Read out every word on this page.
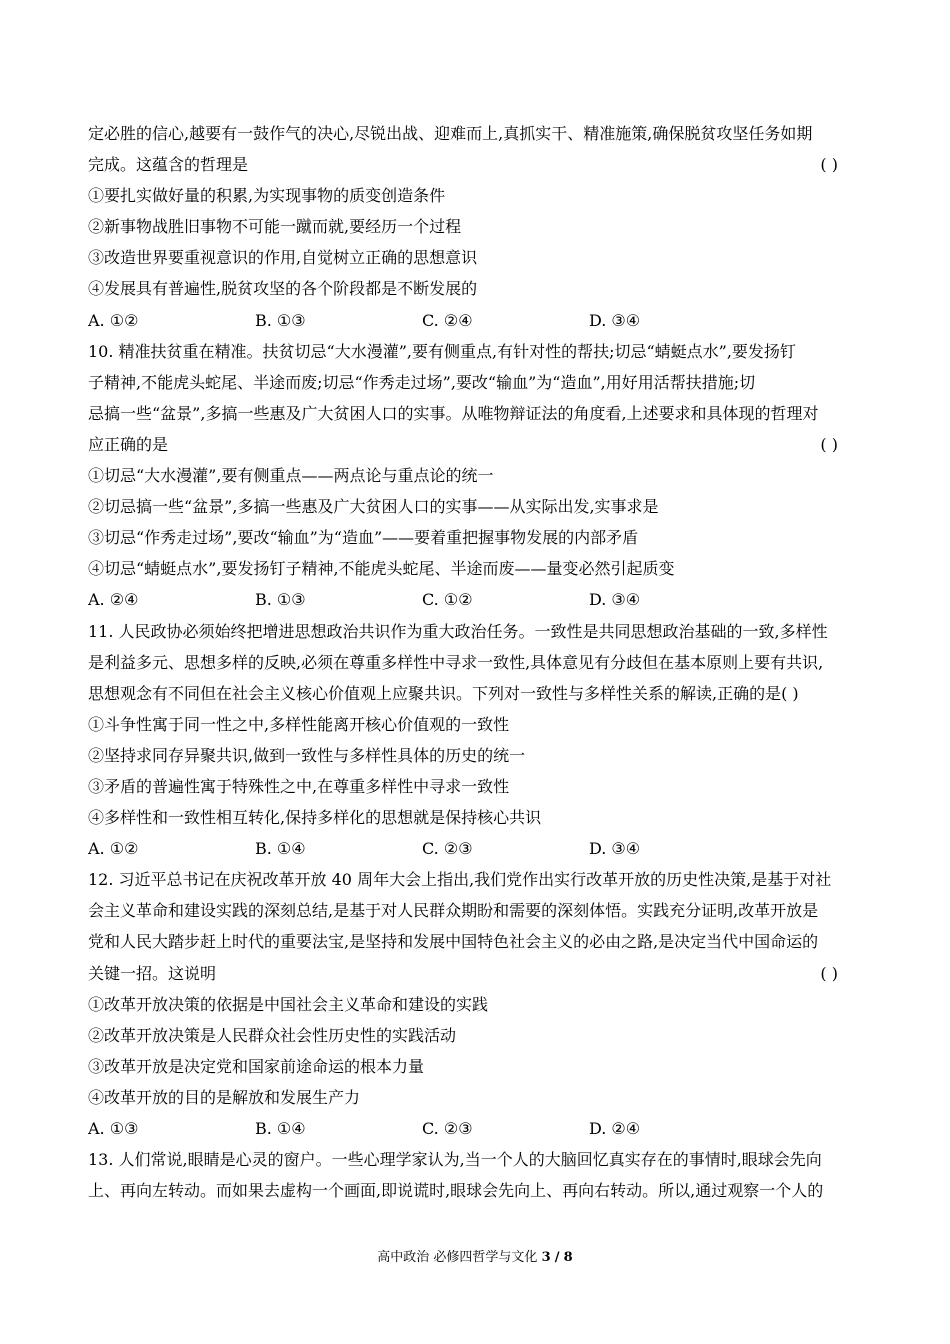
定必胜的信心,越要有一鼓作气的决心,尽锐出战、迎难而上,真抓实干、精准施策,确保脱贫攻坚任务如期
完成。这蕴含的哲理是	( )
①要扎实做好量的积累,为实现事物的质变创造条件
②新事物战胜旧事物不可能一蹴而就,要经历一个过程
③改造世界要重视意识的作用,自觉树立正确的思想意识
④发展具有普遍性,脱贫攻坚的各个阶段都是不断发展的
A. ①②	B. ①③	C. ②④	D. ③④
10. 精准扶贫重在精准。扶贫切忌“大水漫灌”,要有侧重点,有针对性的帮扶;切忌“蜻蜓点水”,要发扬钉
子精神,不能虎头蛇尾、半途而废;切忌“作秀走过场”,要改“输血”为“造血”,用好用活帮扶措施;切
忌搞一些“盆景”,多搞一些惠及广大贫困人口的实事。从唯物辩证法的角度看,上述要求和具体现的哲理对
应正确的是	( )
①切忌“大水漫灌”,要有侧重点——两点论与重点论的统一
②切忌搞一些“盆景”,多搞一些惠及广大贫困人口的实事——从实际出发,实事求是
③切忌“作秀走过场”,要改“输血”为“造血”——要着重把握事物发展的内部矛盾
④切忌“蜻蜓点水”,要发扬钉子精神,不能虎头蛇尾、半途而废——量变必然引起质变
A. ②④	B. ①③	C. ①②	D. ③④
11. 人民政协必须始终把增进思想政治共识作为重大政治任务。一致性是共同思想政治基础的一致,多样性
是利益多元、思想多样的反映,必须在尊重多样性中寻求一致性,具体意见有分歧但在基本原则上要有共识,
思想观念有不同但在社会主义核心价值观上应聚共识。下列对一致性与多样性关系的解读,正确的是( )
①斗争性寓于同一性之中,多样性能离开核心价值观的一致性
②坚持求同存异聚共识,做到一致性与多样性具体的历史的统一
③矛盾的普遍性寓于特殊性之中,在尊重多样性中寻求一致性
④多样性和一致性相互转化,保持多样化的思想就是保持核心共识
A. ①②	B. ①④	C. ②③	D. ③④
12. 习近平总书记在庆祝改革开放 40 周年大会上指出,我们党作出实行改革开放的历史性决策,是基于对社
会主义革命和建设实践的深刻总结,是基于对人民群众期盼和需要的深刻体悟。实践充分证明,改革开放是
党和人民大踏步赶上时代的重要法宝,是坚持和发展中国特色社会主义的必由之路,是决定当代中国命运的
关键一招。这说明	( )
①改革开放决策的依据是中国社会主义革命和建设的实践
②改革开放决策是人民群众社会性历史性的实践活动
③改革开放是决定党和国家前途命运的根本力量
④改革开放的目的是解放和发展生产力
A. ①③	B. ①④	C. ②③	D. ②④
13. 人们常说,眼睛是心灵的窗户。一些心理学家认为,当一个人的大脑回忆真实存在的事情时,眼球会先向
上、再向左转动。而如果去虚构一个画面,即说谎时,眼球会先向上、再向右转动。所以,通过观察一个人的
高中政治 必修四哲学与文化 3 / 8
